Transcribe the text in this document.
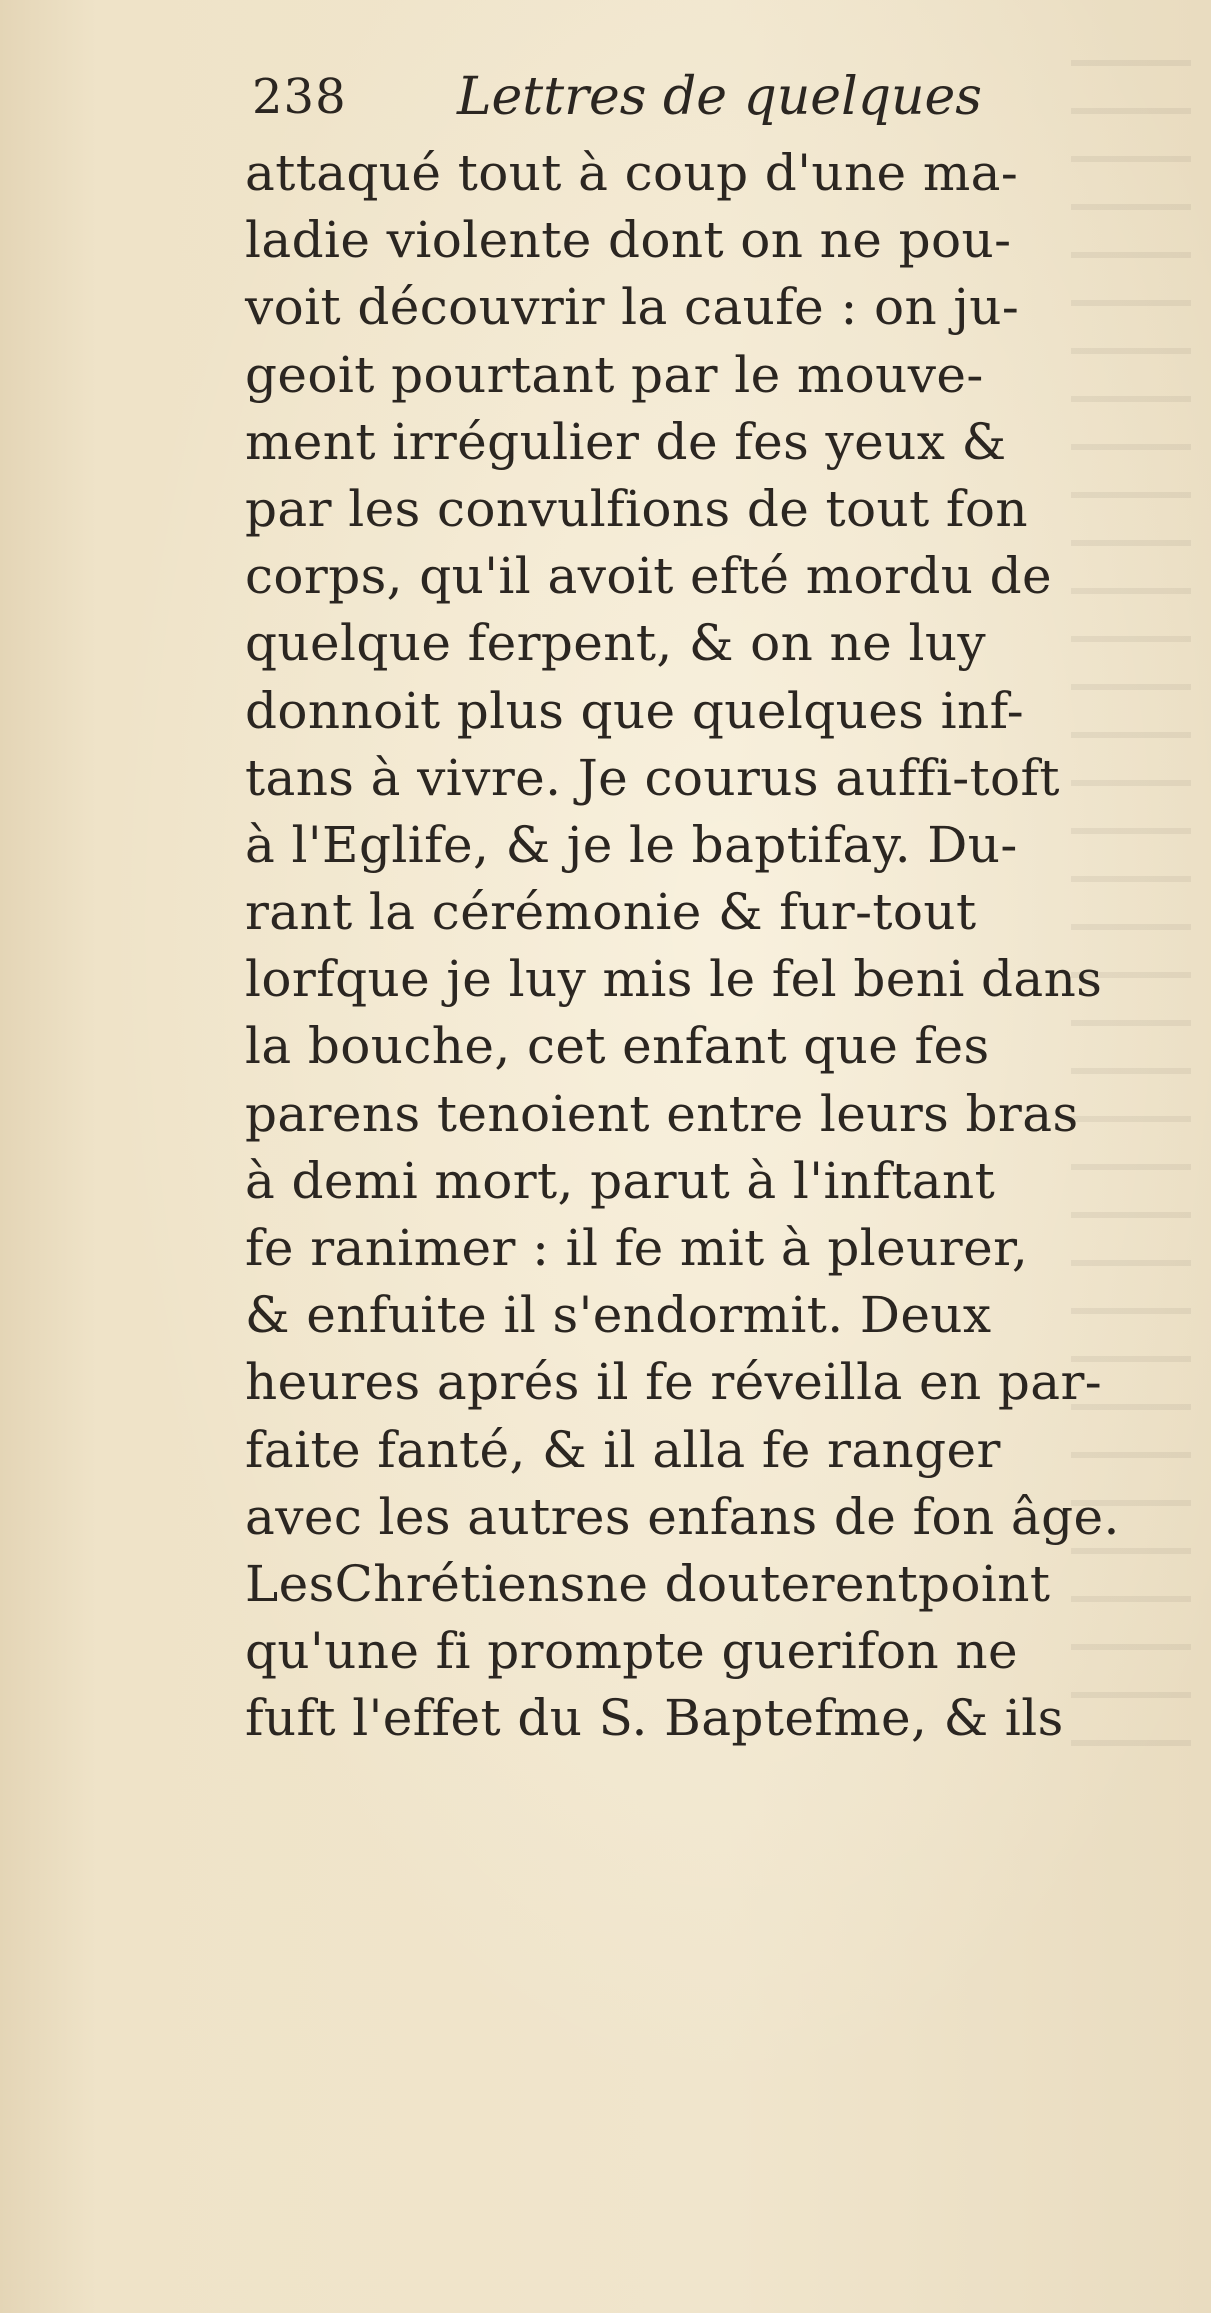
238 Lettres de quelques
attaqué tout à coup d'une ma-
ladie violente dont on ne pou-
voit découvrir la caufe : on ju-
geoit pourtant par le mouve-
ment irrégulier de fes yeux &
par les convulfions de tout fon
corps, qu'il avoit efté mordu de
quelque ferpent, & on ne luy
donnoit plus que quelques inf-
tans à vivre. Je courus auffi-toft
à l'Eglife, & je le baptifay. Du-
rant la cérémonie & fur-tout
lorfque je luy mis le fel beni dans
la bouche, cet enfant que fes
parens tenoient entre leurs bras
à demi mort, parut à l'inftant
fe ranimer : il fe mit à pleurer,
& enfuite il s'endormit. Deux
heures aprés il fe réveilla en par-
faite fanté, & il alla fe ranger
avec les autres enfans de fon âge.
LesChrétiensne douterentpoint
qu'une fi prompte guerifon ne
fuft l'effet du S. Baptefme, & ils
